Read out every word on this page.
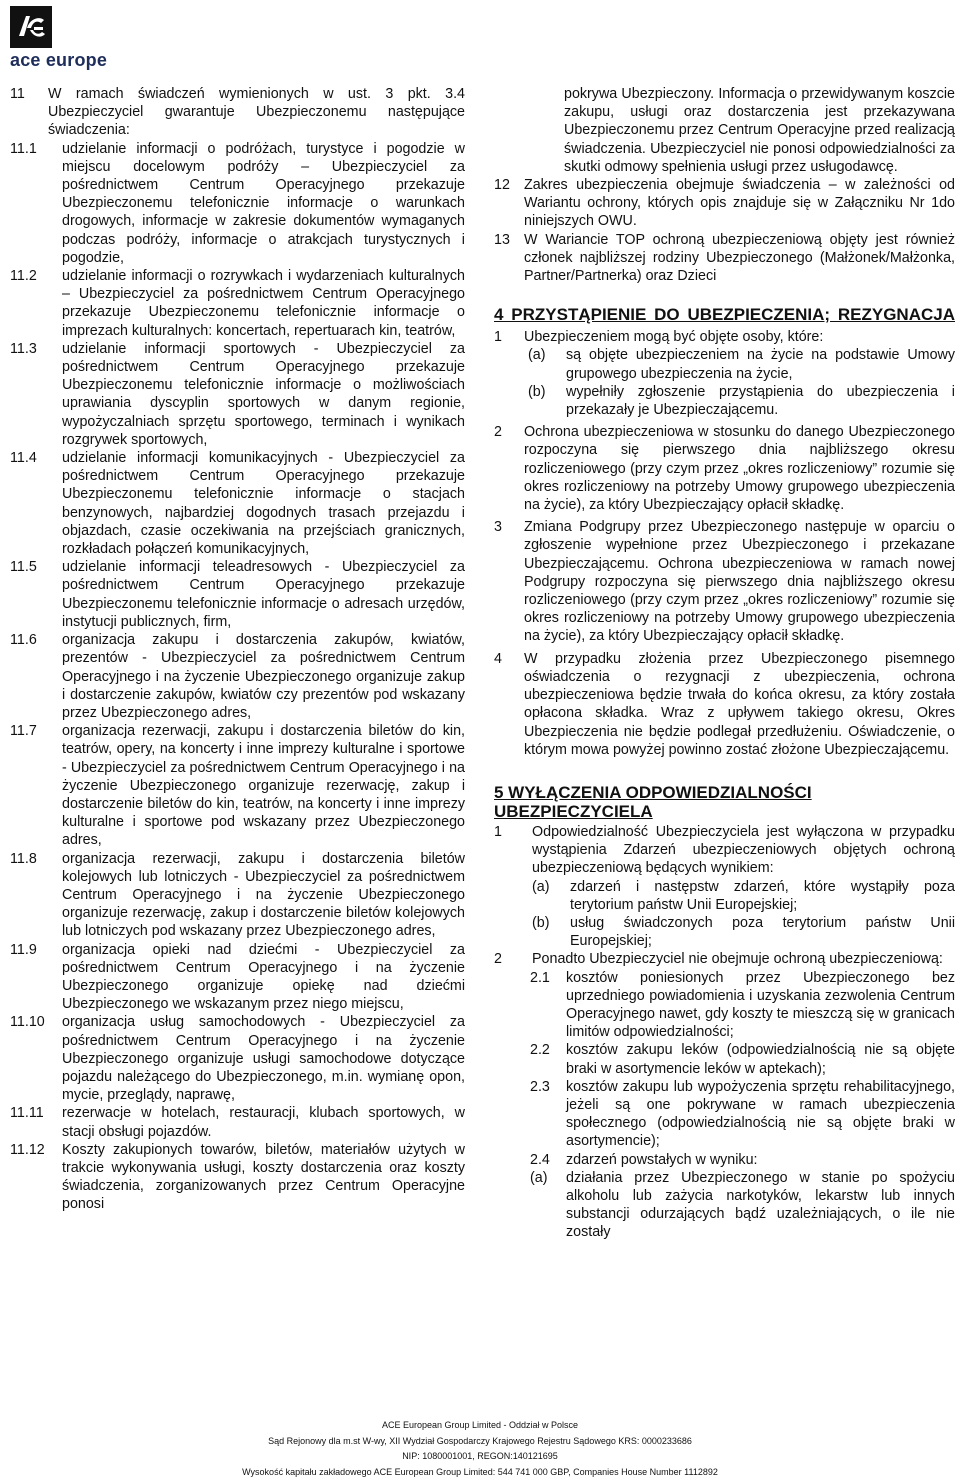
ace europe
11	W ramach świadczeń wymienionych w ust. 3 pkt. 3.4 Ubezpieczyciel gwarantuje Ubezpieczonemu następujące świadczenia:
11.1	udzielanie informacji o podróżach, turystyce i pogodzie w miejscu docelowym podróży – Ubezpieczyciel za pośrednictwem Centrum Operacyjnego przekazuje Ubezpieczonemu telefonicznie informacje o warunkach drogowych, informacje w zakresie dokumentów wymaganych podczas podróży, informacje o atrakcjach turystycznych i pogodzie,
11.2	udzielanie informacji o rozrywkach i wydarzeniach kulturalnych – Ubezpieczyciel za pośrednictwem Centrum Operacyjnego przekazuje Ubezpieczonemu telefonicznie informacje o imprezach kulturalnych: koncertach, repertuarach kin, teatrów,
11.3	udzielanie informacji sportowych - Ubezpieczyciel za pośrednictwem Centrum Operacyjnego przekazuje Ubezpieczonemu telefonicznie informacje o możliwościach uprawiania dyscyplin sportowych w danym regionie, wypożyczalniach sprzętu sportowego, terminach i wynikach rozgrywek sportowych,
11.4	udzielanie informacji komunikacyjnych - Ubezpieczyciel za pośrednictwem Centrum Operacyjnego przekazuje Ubezpieczonemu telefonicznie informacje o stacjach benzynowych, najbardziej dogodnych trasach przejazdu i objazdach, czasie oczekiwania na przejściach granicznych, rozkładach połączeń komunikacyjnych,
11.5	udzielanie informacji teleadresowych - Ubezpieczyciel za pośrednictwem Centrum Operacyjnego przekazuje Ubezpieczonemu telefonicznie informacje o adresach urzędów, instytucji publicznych, firm,
11.6	organizacja zakupu i dostarczenia zakupów, kwiatów, prezentów - Ubezpieczyciel za pośrednictwem Centrum Operacyjnego i na życzenie Ubezpieczonego organizuje zakup i dostarczenie zakupów, kwiatów czy prezentów pod wskazany przez Ubezpieczonego adres,
11.7	organizacja rezerwacji, zakupu i dostarczenia biletów do kin, teatrów, opery, na koncerty i inne imprezy kulturalne i sportowe - Ubezpieczyciel za pośrednictwem Centrum Operacyjnego i na życzenie Ubezpieczonego organizuje rezerwację, zakup i dostarczenie biletów do kin, teatrów, na koncerty i inne imprezy kulturalne i sportowe pod wskazany przez Ubezpieczonego adres,
11.8	organizacja rezerwacji, zakupu i dostarczenia biletów kolejowych lub lotniczych - Ubezpieczyciel za pośrednictwem Centrum Operacyjnego i na życzenie Ubezpieczonego organizuje rezerwację, zakup i dostarczenie biletów kolejowych lub lotniczych pod wskazany przez Ubezpieczonego adres,
11.9	organizacja opieki nad dziećmi - Ubezpieczyciel za pośrednictwem Centrum Operacyjnego i na życzenie Ubezpieczonego organizuje opiekę nad dziećmi Ubezpieczonego we wskazanym przez niego miejscu,
11.10	organizacja usług samochodowych - Ubezpieczyciel za pośrednictwem Centrum Operacyjnego i na życzenie Ubezpieczonego organizuje usługi samochodowe dotyczące pojazdu należącego do Ubezpieczonego, m.in. wymianę opon, mycie, przeglądy, naprawę,
11.11	rezerwacje w hotelach, restauracji, klubach sportowych, w stacji obsługi pojazdów.
11.12	Koszty zakupionych towarów, biletów, materiałów użytych w trakcie wykonywania usługi, koszty dostarczenia oraz koszty świadczenia, zorganizowanych przez Centrum Operacyjne ponosi
pokrywa Ubezpieczony. Informacja o przewidywanym koszcie zakupu, usługi oraz dostarczenia jest przekazywana Ubezpieczonemu przez Centrum Operacyjne przed realizacją świadczenia. Ubezpieczyciel nie ponosi odpowiedzialności za skutki odmowy spełnienia usługi przez usługodawcę.
12 Zakres ubezpieczenia obejmuje świadczenia – w zależności od Wariantu ochrony, których opis znajduje się w Załączniku Nr 1do niniejszych OWU.
13 W Wariancie TOP ochroną ubezpieczeniową objęty jest również członek najbliższej rodziny Ubezpieczonego (Małżonek/Małżonka, Partner/Partnerka) oraz Dzieci
4 PRZYSTĄPIENIE DO UBEZPIECZENIA; REZYGNACJA
1	Ubezpieczeniem mogą być objęte osoby, które:
(a)	są objęte ubezpieczeniem na życie na podstawie Umowy grupowego ubezpieczenia na życie,
(b)	wypełniły zgłoszenie przystąpienia do ubezpieczenia i przekazały je Ubezpieczającemu.
2	Ochrona ubezpieczeniowa w stosunku do danego Ubezpieczonego rozpoczyna się pierwszego dnia najbliższego okresu rozliczeniowego (przy czym przez „okres rozliczeniowy” rozumie się okres rozliczeniowy na potrzeby Umowy grupowego ubezpieczenia na życie), za który Ubezpieczający opłacił składkę.
3	Zmiana Podgrupy przez Ubezpieczonego następuje w oparciu o zgłoszenie wypełnione przez Ubezpieczonego i przekazane Ubezpieczającemu. Ochrona ubezpieczeniowa w ramach nowej Podgrupy rozpoczyna się pierwszego dnia najbliższego okresu rozliczeniowego (przy czym przez „okres rozliczeniowy” rozumie się okres rozliczeniowy na potrzeby Umowy grupowego ubezpieczenia na życie), za który Ubezpieczający opłacił składkę.
4	W przypadku złożenia przez Ubezpieczonego pisemnego oświadczenia o rezygnacji z ubezpieczenia, ochrona ubezpieczeniowa będzie trwała do końca okresu, za który została opłacona składka. Wraz z upływem takiego okresu, Okres Ubezpieczenia nie będzie podlegał przedłużeniu. Oświadczenie, o którym mowa powyżej powinno zostać złożone Ubezpieczającemu.
5 WYŁĄCZENIA ODPOWIEDZIALNOŚCI UBEZPIECZYCIELA
1	Odpowiedzialność Ubezpieczyciela jest wyłączona w przypadku wystąpienia Zdarzeń ubezpieczeniowych objętych ochroną ubezpieczeniową będących wynikiem:
(a)	zdarzeń i następstw zdarzeń, które wystąpiły poza terytorium państw Unii Europejskiej;
(b)	usług świadczonych poza terytorium państw Unii Europejskiej;
2	Ponadto Ubezpieczyciel nie obejmuje ochroną ubezpieczeniową:
2.1	kosztów poniesionych przez Ubezpieczonego bez uprzedniego powiadomienia i uzyskania zezwolenia Centrum Operacyjnego nawet, gdy koszty te mieszczą się w granicach limitów odpowiedzialności;
2.2	kosztów zakupu leków (odpowiedzialnością nie są objęte braki w asortymencie leków w aptekach);
2.3	kosztów zakupu lub wypożyczenia sprzętu rehabilitacyjnego, jeżeli są one pokrywane w ramach ubezpieczenia społecznego (odpowiedzialnością nie są objęte braki w asortymencie);
2.4	zdarzeń powstałych w wyniku:
(a)	działania przez Ubezpieczonego w stanie po spożyciu alkoholu lub zażycia narkotyków, lekarstw lub innych substancji odurzających bądź uzależniających, o ile nie zostały
ACE European Group Limited - Oddział w Polsce
Sąd Rejonowy dla m.st W-wy, XII Wydział Gospodarczy Krajowego Rejestru Sądowego KRS: 0000233686
NIP: 1080001001, REGON:140121695
Wysokość kapitału zakładowego ACE European Group Limited: 544 741 000 GBP, Companies House Number 1112892
